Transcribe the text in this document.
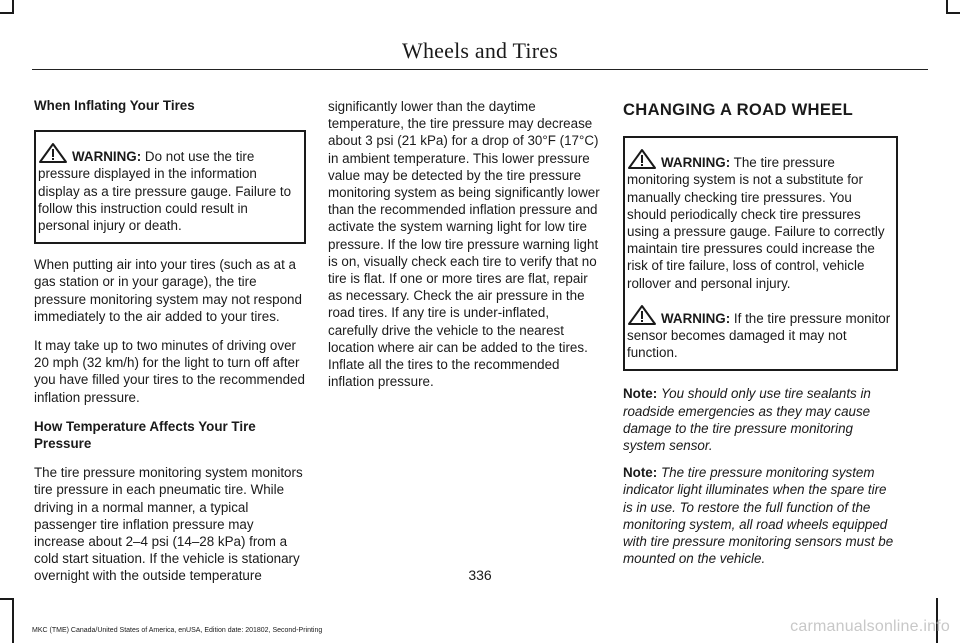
Wheels and Tires
When Inflating Your Tires

WARNING: Do not use the tire pressure displayed in the information display as a tire pressure gauge. Failure to follow this instruction could result in personal injury or death.

When putting air into your tires (such as at a gas station or in your garage), the tire pressure monitoring system may not respond immediately to the air added to your tires.

It may take up to two minutes of driving over 20 mph (32 km/h) for the light to turn off after you have filled your tires to the recommended inflation pressure.

How Temperature Affects Your Tire Pressure

The tire pressure monitoring system monitors tire pressure in each pneumatic tire. While driving in a normal manner, a typical passenger tire inflation pressure may increase about 2–4 psi (14–28 kPa) from a cold start situation. If the vehicle is stationary overnight with the outside temperature

significantly lower than the daytime temperature, the tire pressure may decrease about 3 psi (21 kPa) for a drop of 30°F (17°C) in ambient temperature. This lower pressure value may be detected by the tire pressure monitoring system as being significantly lower than the recommended inflation pressure and activate the system warning light for low tire pressure. If the low tire pressure warning light is on, visually check each tire to verify that no tire is flat. If one or more tires are flat, repair as necessary. Check the air pressure in the road tires. If any tire is under-inflated, carefully drive the vehicle to the nearest location where air can be added to the tires. Inflate all the tires to the recommended inflation pressure.

CHANGING A ROAD WHEEL

WARNING: The tire pressure monitoring system is not a substitute for manually checking tire pressures. You should periodically check tire pressures using a pressure gauge. Failure to correctly maintain tire pressures could increase the risk of tire failure, loss of control, vehicle rollover and personal injury.

WARNING: If the tire pressure monitor sensor becomes damaged it may not function.

Note: You should only use tire sealants in roadside emergencies as they may cause damage to the tire pressure monitoring system sensor.

Note: The tire pressure monitoring system indicator light illuminates when the spare tire is in use. To restore the full function of the monitoring system, all road wheels equipped with tire pressure monitoring sensors must be mounted on the vehicle.

336
MKC (TME) Canada/United States of America, enUSA, Edition date: 201802, Second-Printing	carmanualsonline.info
